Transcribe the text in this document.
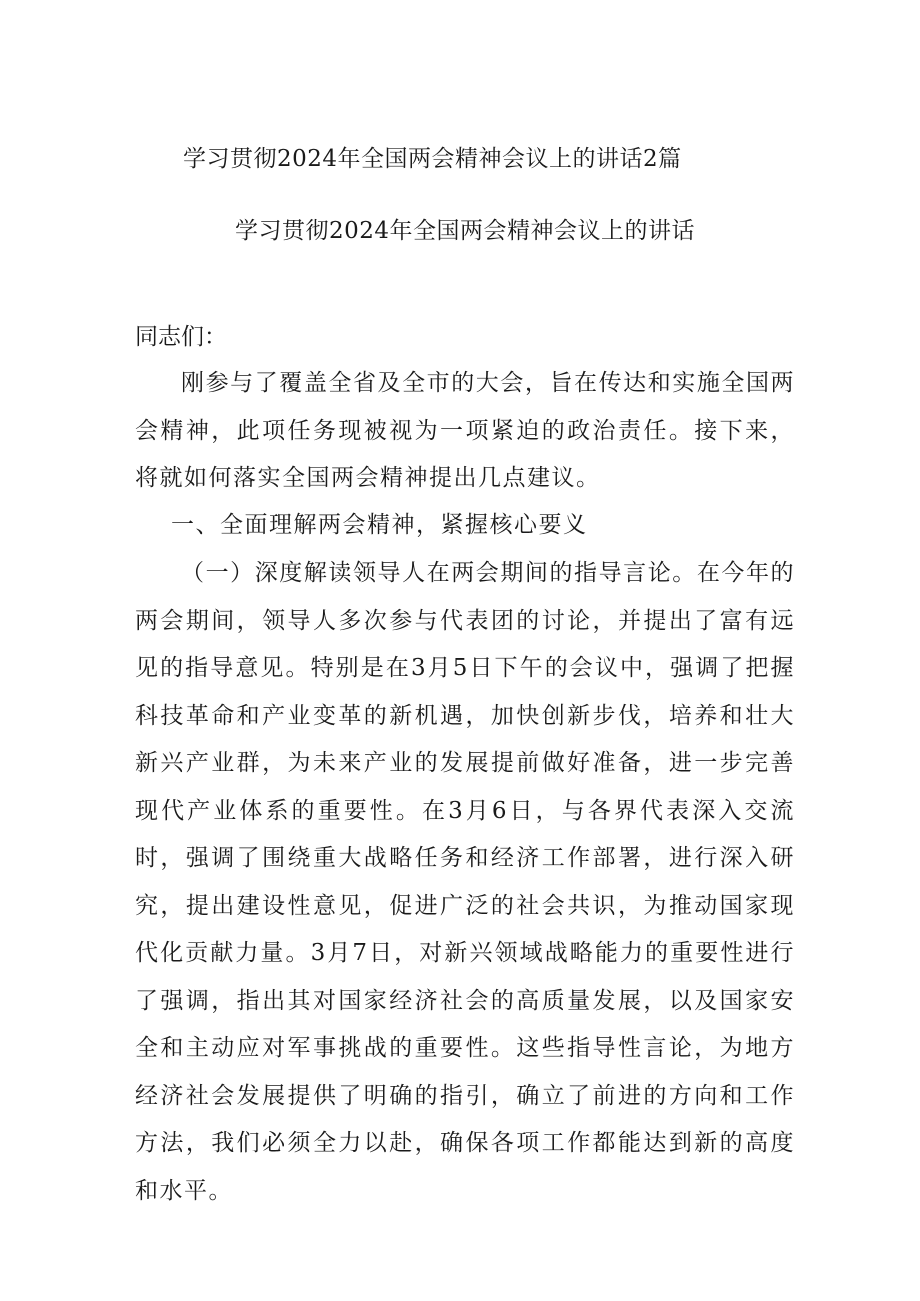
学习贯彻2024年全国两会精神会议上的讲话2篇
学习贯彻2024年全国两会精神会议上的讲话
同志们：

刚参与了覆盖全省及全市的大会，旨在传达和实施全国两会精神，此项任务现被视为一项紧迫的政治责任。接下来，将就如何落实全国两会精神提出几点建议。

一、全面理解两会精神，紧握核心要义

（一）深度解读领导人在两会期间的指导言论。在今年的两会期间，领导人多次参与代表团的讨论，并提出了富有远见的指导意见。特别是在3月5日下午的会议中，强调了把握科技革命和产业变革的新机遇，加快创新步伐，培养和壮大新兴产业群，为未来产业的发展提前做好准备，进一步完善现代产业体系的重要性。在3月6日，与各界代表深入交流时，强调了围绕重大战略任务和经济工作部署，进行深入研究，提出建设性意见，促进广泛的社会共识，为推动国家现代化贡献力量。3月7日，对新兴领域战略能力的重要性进行了强调，指出其对国家经济社会的高质量发展，以及国家安全和主动应对军事挑战的重要性。这些指导性言论，为地方经济社会发展提供了明确的指引，确立了前进的方向和工作方法，我们必须全力以赴，确保各项工作都能达到新的高度和水平。
